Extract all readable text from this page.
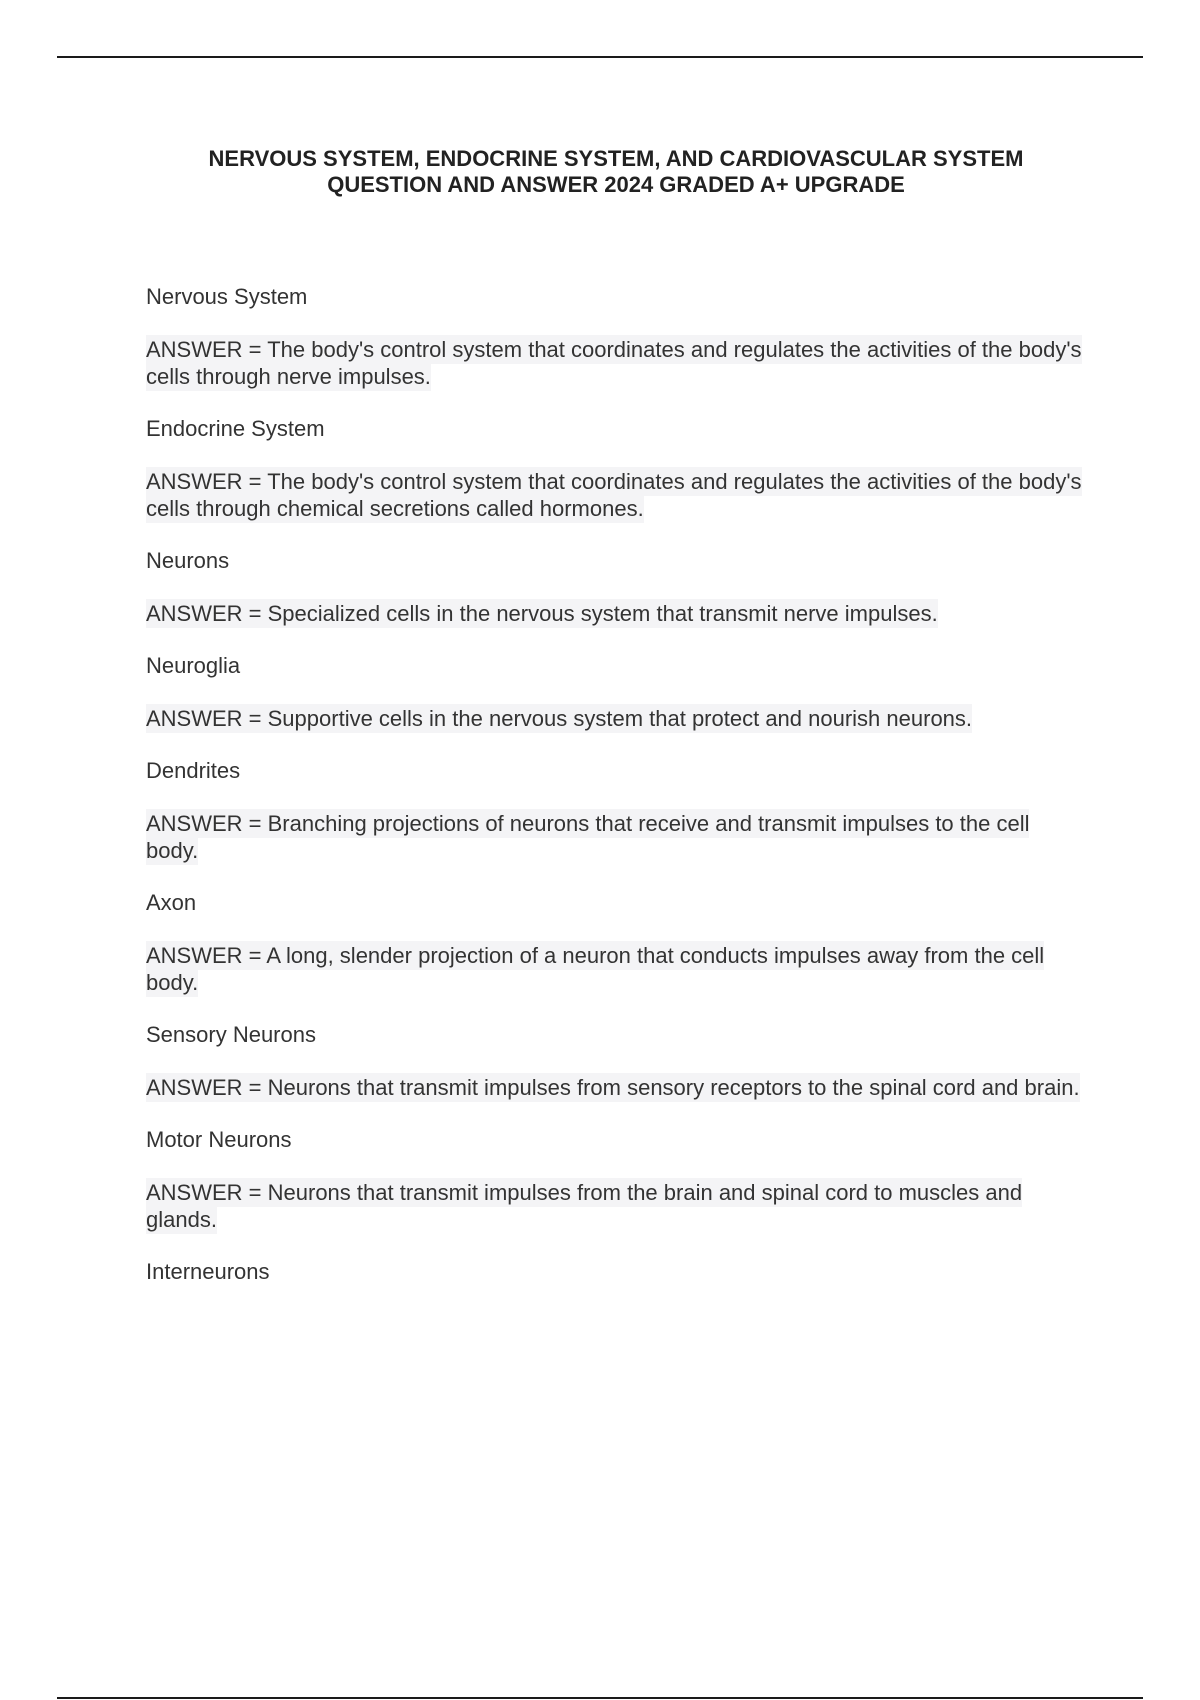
NERVOUS SYSTEM, ENDOCRINE SYSTEM, AND CARDIOVASCULAR SYSTEM
QUESTION AND ANSWER 2024 GRADED A+ UPGRADE
Nervous System
ANSWER = The body's control system that coordinates and regulates the activities of the body's cells through nerve impulses.
Endocrine System
ANSWER = The body's control system that coordinates and regulates the activities of the body's cells through chemical secretions called hormones.
Neurons
ANSWER = Specialized cells in the nervous system that transmit nerve impulses.
Neuroglia
ANSWER = Supportive cells in the nervous system that protect and nourish neurons.
Dendrites
ANSWER = Branching projections of neurons that receive and transmit impulses to the cell body.
Axon
ANSWER = A long, slender projection of a neuron that conducts impulses away from the cell body.
Sensory Neurons
ANSWER = Neurons that transmit impulses from sensory receptors to the spinal cord and brain.
Motor Neurons
ANSWER = Neurons that transmit impulses from the brain and spinal cord to muscles and glands.
Interneurons
